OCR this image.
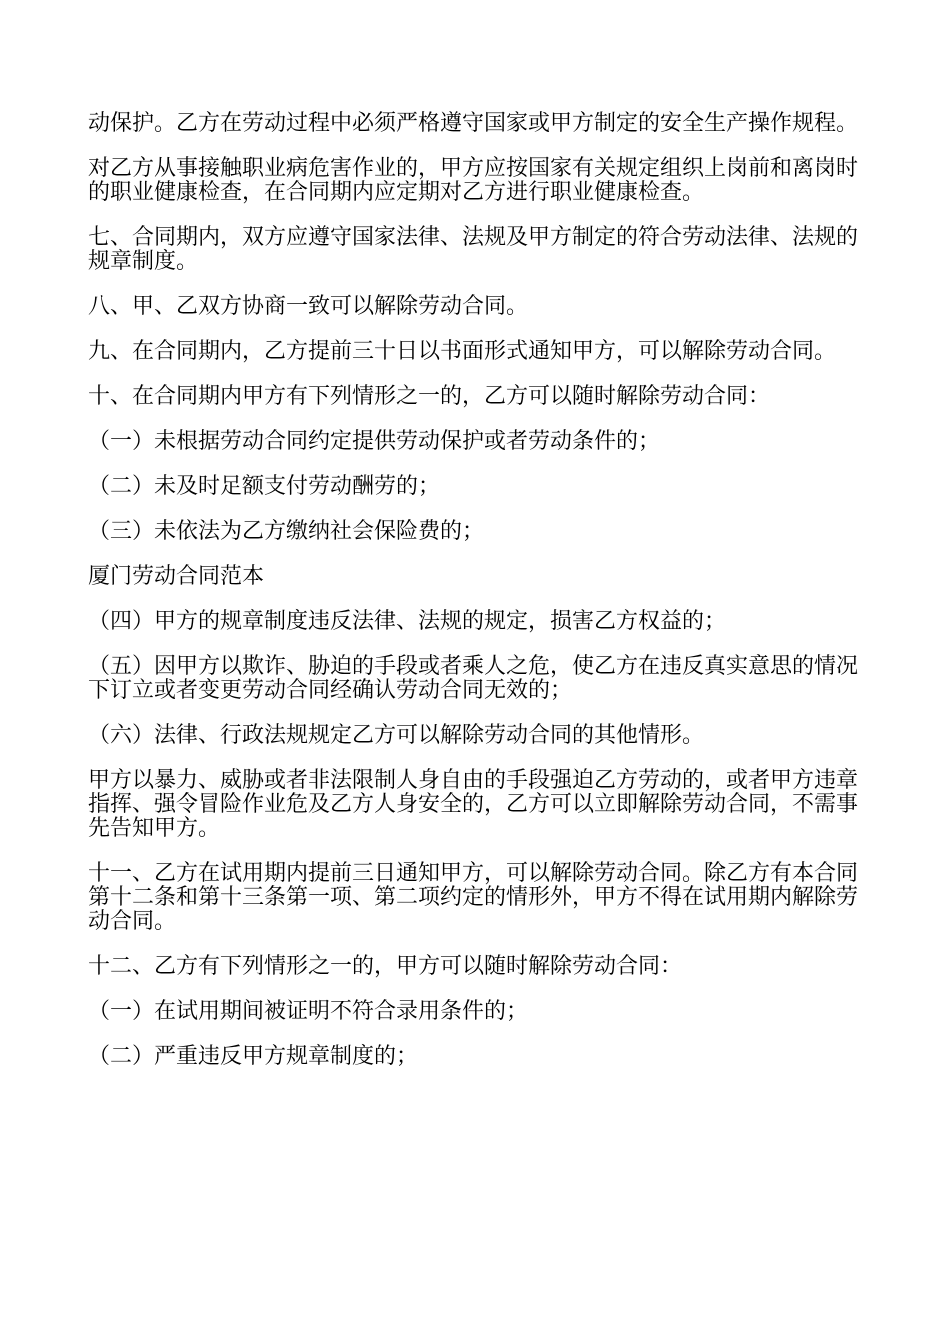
动保护。乙方在劳动过程中必须严格遵守国家或甲方制定的安全生产操作规程。

对乙方从事接触职业病危害作业的，甲方应按国家有关规定组织上岗前和离岗时的职业健康检查，在合同期内应定期对乙方进行职业健康检查。

七、合同期内，双方应遵守国家法律、法规及甲方制定的符合劳动法律、法规的规章制度。

八、甲、乙双方协商一致可以解除劳动合同。

九、在合同期内，乙方提前三十日以书面形式通知甲方，可以解除劳动合同。

十、在合同期内甲方有下列情形之一的，乙方可以随时解除劳动合同：

（一）未根据劳动合同约定提供劳动保护或者劳动条件的；

（二）未及时足额支付劳动酬劳的；

（三）未依法为乙方缴纳社会保险费的；

厦门劳动合同范本

（四）甲方的规章制度违反法律、法规的规定，损害乙方权益的；

（五）因甲方以欺诈、胁迫的手段或者乘人之危，使乙方在违反真实意思的情况下订立或者变更劳动合同经确认劳动合同无效的；

（六）法律、行政法规规定乙方可以解除劳动合同的其他情形。

甲方以暴力、威胁或者非法限制人身自由的手段强迫乙方劳动的，或者甲方违章指挥、强令冒险作业危及乙方人身安全的，乙方可以立即解除劳动合同，不需事先告知甲方。

十一、乙方在试用期内提前三日通知甲方，可以解除劳动合同。除乙方有本合同第十二条和第十三条第一项、第二项约定的情形外，甲方不得在试用期内解除劳动合同。

十二、乙方有下列情形之一的，甲方可以随时解除劳动合同：

（一）在试用期间被证明不符合录用条件的；

（二）严重违反甲方规章制度的；
